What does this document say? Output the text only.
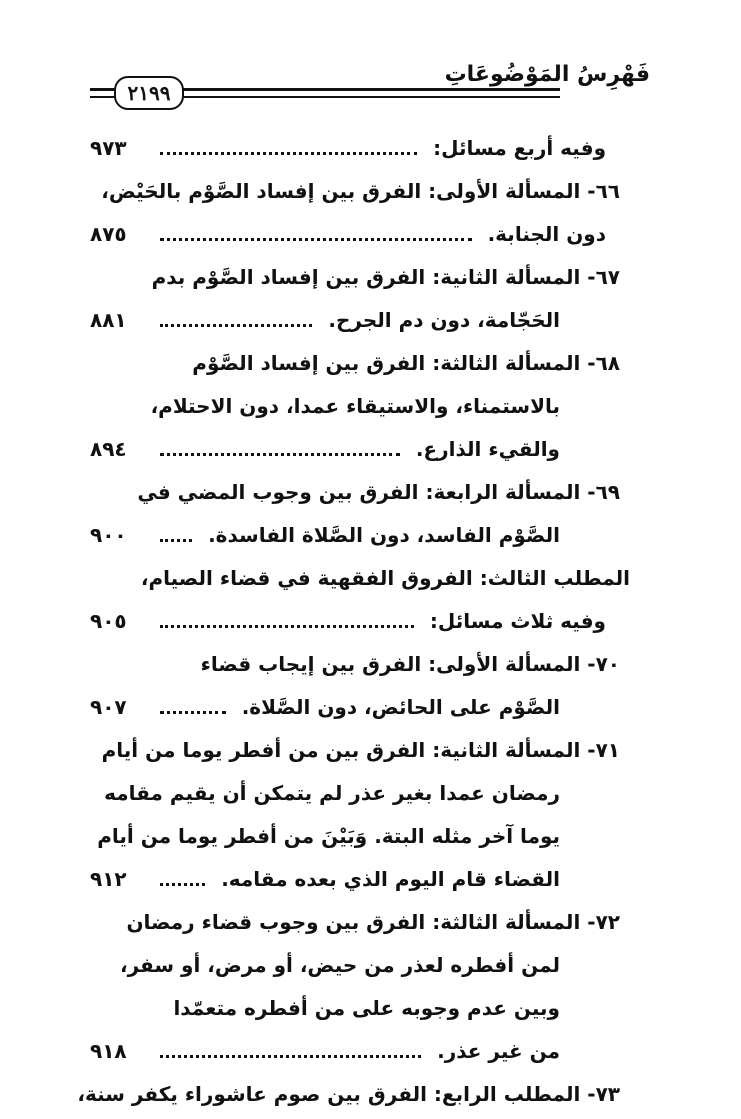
فَهْرِسُ المَوْضُوعَاتِ
٢١٩٩
وفيه أربع مسائل:
٩٧٣
٦٦- المسألة الأولى: الفرق بين إفساد الصَّوْم بالحَيْض،
دون الجنابة.
٨٧٥
٦٧- المسألة الثانية: الفرق بين إفساد الصَّوْم بدم
الحَجّامة، دون دم الجرح.
٨٨١
٦٨- المسألة الثالثة: الفرق بين إفساد الصَّوْم
بالاستمناء، والاستيقاء عمدا، دون الاحتلام،
والقيء الذارع.
٨٩٤
٦٩- المسألة الرابعة: الفرق بين وجوب المضي في
الصَّوْم الفاسد، دون الصَّلاة الفاسدة.
٩٠٠
المطلب الثالث: الفروق الفقهية في قضاء الصيام،
وفيه ثلاث مسائل:
٩٠٥
٧٠- المسألة الأولى: الفرق بين إيجاب قضاء
الصَّوْم على الحائض، دون الصَّلاة.
٩٠٧
٧١- المسألة الثانية: الفرق بين من أفطر يوما من أيام
رمضان عمدا بغير عذر لم يتمكن أن يقيم مقامه
يوما آخر مثله البتة. وَبَيْنَ من أفطر يوما من أيام
القضاء قام اليوم الذي بعده مقامه.
٩١٢
٧٢- المسألة الثالثة: الفرق بين وجوب قضاء رمضان
لمن أفطره لعذر من حيض، أو مرض، أو سفر،
وبين عدم وجوبه على من أفطره متعمّدا
من غير عذر.
٩١٨
٧٣- المطلب الرابع: الفرق بين صوم عاشوراء يكفر سنة،
